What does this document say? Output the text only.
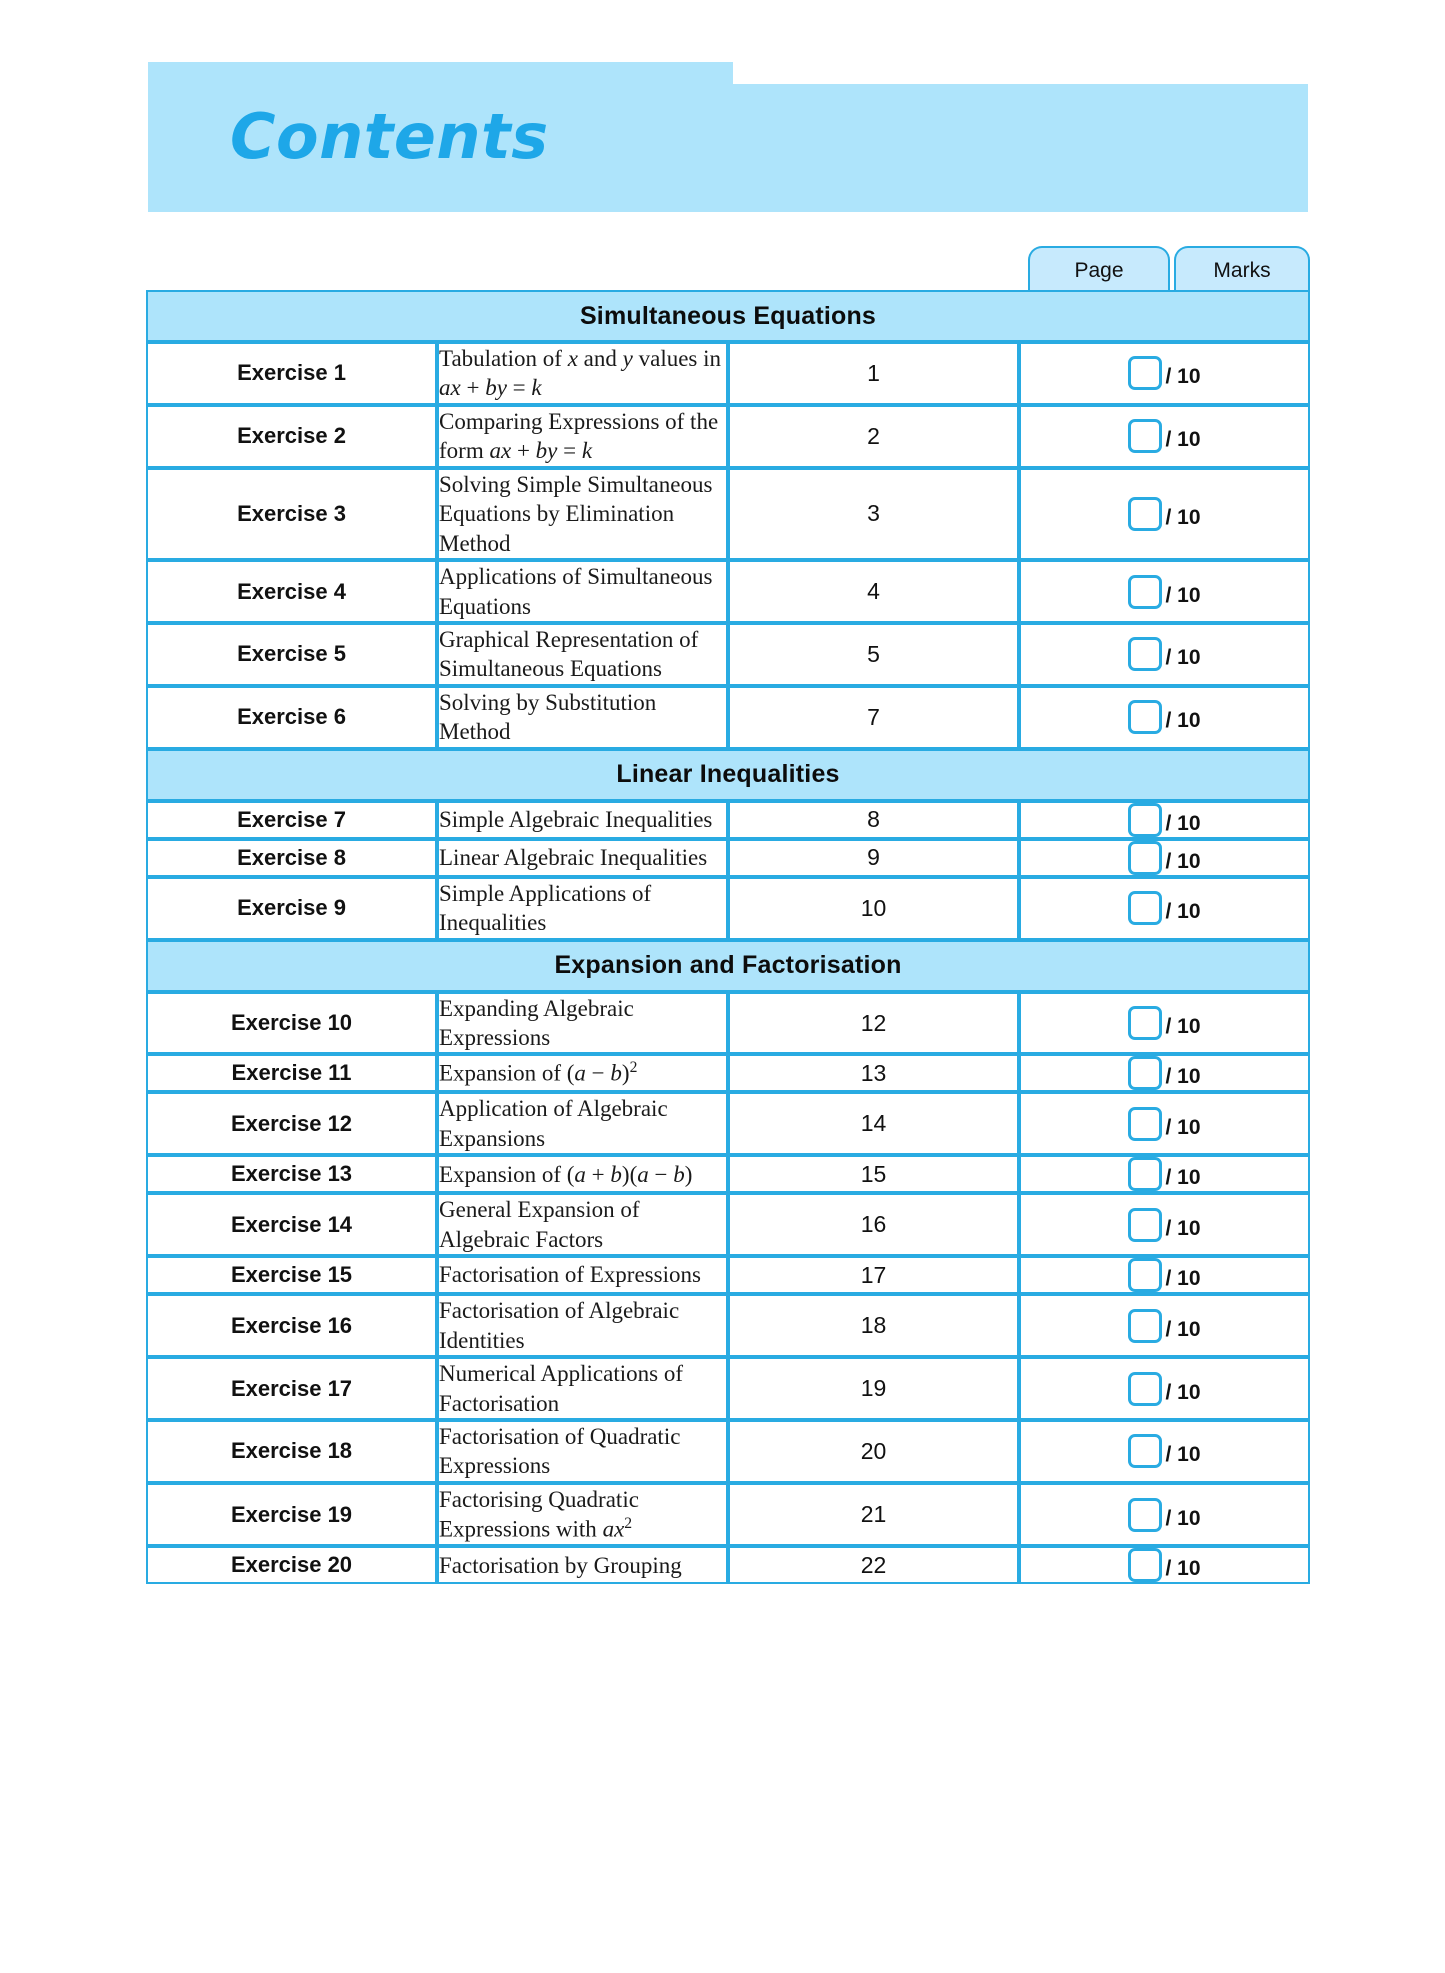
Contents
Page	Marks
Simultaneous Equations			
Exercise 1	Tabulation of x and y values in ax + by = k	1	/ 10
Exercise 2	Comparing Expressions of the form ax + by = k	2	/ 10
Exercise 3	Solving Simple Simultaneous Equations by Elimination Method	3	/ 10
Exercise 4	Applications of Simultaneous Equations	4	/ 10
Exercise 5	Graphical Representation of Simultaneous Equations	5	/ 10
Exercise 6	Solving by Substitution Method	7	/ 10
Linear Inequalities			
Exercise 7	Simple Algebraic Inequalities	8	/ 10
Exercise 8	Linear Algebraic Inequalities	9	/ 10
Exercise 9	Simple Applications of Inequalities	10	/ 10
Expansion and Factorisation			
Exercise 10	Expanding Algebraic Expressions	12	/ 10
Exercise 11	Expansion of $(a - b)^2$	13	/ 10
Exercise 12	Application of Algebraic Expansions	14	/ 10
Exercise 13	Expansion of (a + b)(a − b)	15	/ 10
Exercise 14	General Expansion of Algebraic Factors	16	/ 10
Exercise 15	Factorisation of Expressions	17	/ 10
Exercise 16	Factorisation of Algebraic Identities	18	/ 10
Exercise 17	Numerical Applications of Factorisation	19	/ 10
Exercise 18	Factorisation of Quadratic Expressions	20	/ 10
Exercise 19	Factorising Quadratic Expressions with $ax^2$	21	/ 10
Exercise 20	Factorisation by Grouping	22	/ 10
